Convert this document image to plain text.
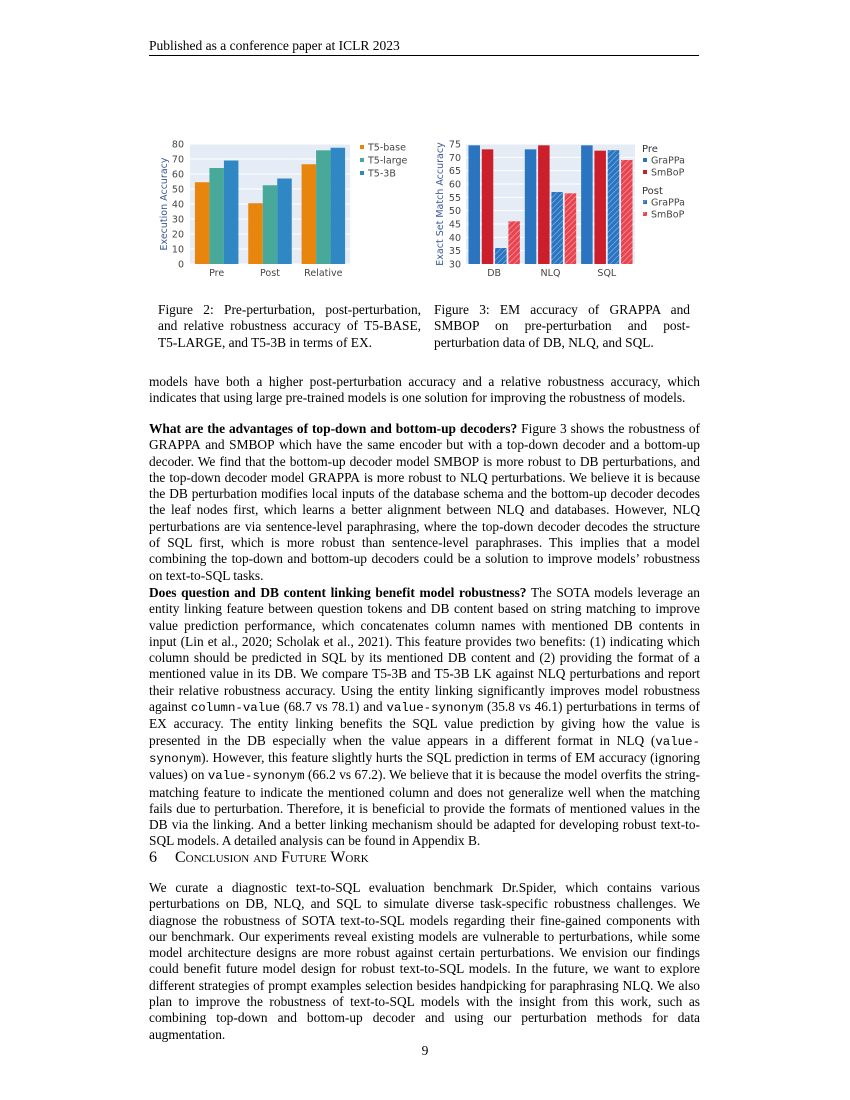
Published as a conference paper at ICLR 2023
0
10
20
30
40
50
60
70
80
Pre	Post	Relative
Execution Accuracy
T5-base
T5-large
T5-3B
Figure 2: Pre-perturbation, post-perturbation, and relative robustness accuracy of T5-BASE, T5-LARGE, and T5-3B in terms of EX.
30
35
40
45
50
55
60
65
70
75
DB	NLQ	SQL
Exact Set Match Accuracy	Pre
GraPPa
SmBoP
Post
GraPPa
SmBoP
Figure 3: EM accuracy of GRAPPA and SMBOP on pre-perturbation and post-perturbation data of DB, NLQ, and SQL.

models have both a higher post-perturbation accuracy and a relative robustness accuracy, which indicates that using large pre-trained models is one solution for improving the robustness of models.

What are the advantages of top-down and bottom-up decoders? Figure 3 shows the robustness of GRAPPA and SMBOP which have the same encoder but with a top-down decoder and a bottom-up decoder. We find that the bottom-up decoder model SMBOP is more robust to DB perturbations, and the top-down decoder model GRAPPA is more robust to NLQ perturbations. We believe it is because the DB perturbation modifies local inputs of the database schema and the bottom-up decoder decodes the leaf nodes first, which learns a better alignment between NLQ and databases. However, NLQ perturbations are via sentence-level paraphrasing, where the top-down decoder decodes the structure of SQL first, which is more robust than sentence-level paraphrases. This implies that a model combining the top-down and bottom-up decoders could be a solution to improve models’ robustness on text-to-SQL tasks.

Does question and DB content linking benefit model robustness? The SOTA models leverage an entity linking feature between question tokens and DB content based on string matching to improve value prediction performance, which concatenates column names with mentioned DB contents in input (Lin et al., 2020; Scholak et al., 2021). This feature provides two benefits: (1) indicating which column should be predicted in SQL by its mentioned DB content and (2) providing the format of a mentioned value in its DB. We compare T5-3B and T5-3B LK against NLQ perturbations and report their relative robustness accuracy. Using the entity linking significantly improves model robustness against column-value (68.7 vs 78.1) and value-synonym (35.8 vs 46.1) perturbations in terms of EX accuracy. The entity linking benefits the SQL value prediction by giving how the value is presented in the DB especially when the value appears in a different format in NLQ (value-synonym). However, this feature slightly hurts the SQL prediction in terms of EM accuracy (ignoring values) on value-synonym (66.2 vs 67.2). We believe that it is because the model overfits the string-matching feature to indicate the mentioned column and does not generalize well when the matching fails due to perturbation. Therefore, it is beneficial to provide the formats of mentioned values in the DB via the linking. And a better linking mechanism should be adapted for developing robust text-to-SQL models. A detailed analysis can be found in Appendix B.

6 Conclusion and Future Work

We curate a diagnostic text-to-SQL evaluation benchmark Dr.Spider, which contains various perturbations on DB, NLQ, and SQL to simulate diverse task-specific robustness challenges. We diagnose the robustness of SOTA text-to-SQL models regarding their fine-gained components with our benchmark. Our experiments reveal existing models are vulnerable to perturbations, while some model architecture designs are more robust against certain perturbations. We envision our findings could benefit future model design for robust text-to-SQL models. In the future, we want to explore different strategies of prompt examples selection besides handpicking for paraphrasing NLQ. We also plan to improve the robustness of text-to-SQL models with the insight from this work, such as combining top-down and bottom-up decoder and using our perturbation methods for data augmentation.

9
